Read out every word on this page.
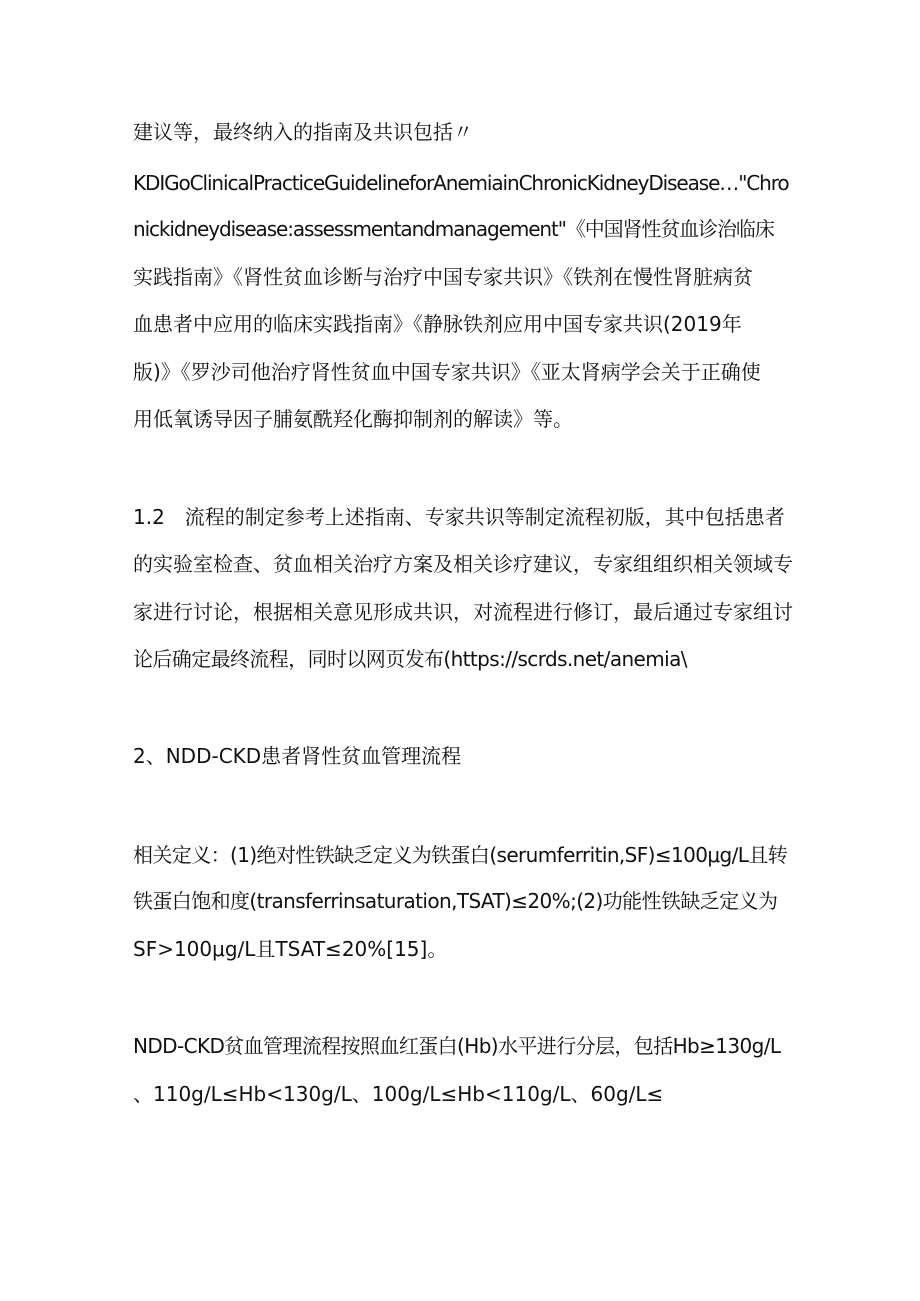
建议等，最终纳入的指南及共识包括〃
KDIGoClinicalPracticeGuidelineforAnemiainChronicKidneyDisease…"Chro
nickidneydisease:assessmentandmanagement"《中国肾性贫血诊治临床
实践指南》《肾性贫血诊断与治疗中国专家共识》《铁剂在慢性肾脏病贫
血患者中应用的临床实践指南》《静脉铁剂应用中国专家共识(2019年
版)》《罗沙司他治疗肾性贫血中国专家共识》《亚太肾病学会关于正确使
用低氧诱导因子脯氨酰羟化酶抑制剂的解读》等。
1.2　流程的制定参考上述指南、专家共识等制定流程初版，其中包括患者
的实验室检查、贫血相关治疗方案及相关诊疗建议，专家组组织相关领域专
家进行讨论，根据相关意见形成共识，对流程进行修订，最后通过专家组讨
论后确定最终流程，同时以网页发布(https://scrds.net/anemia\
2、NDD-CKD患者肾性贫血管理流程
相关定义：(1)绝对性铁缺乏定义为铁蛋白(serumferritin,SF)≤100μg∕L且转
铁蛋白饱和度(transferrinsaturation,TSAT)≤20%;(2)功能性铁缺乏定义为
SF>100μg∕L且TSAT≤20%[15]。
NDD-CKD贫血管理流程按照血红蛋白(Hb)水平进行分层，包括Hb≥130g/L
、110g∕L≤Hb<130g/L、100g∕L≤Hb<110g/L、60g∕L≤
